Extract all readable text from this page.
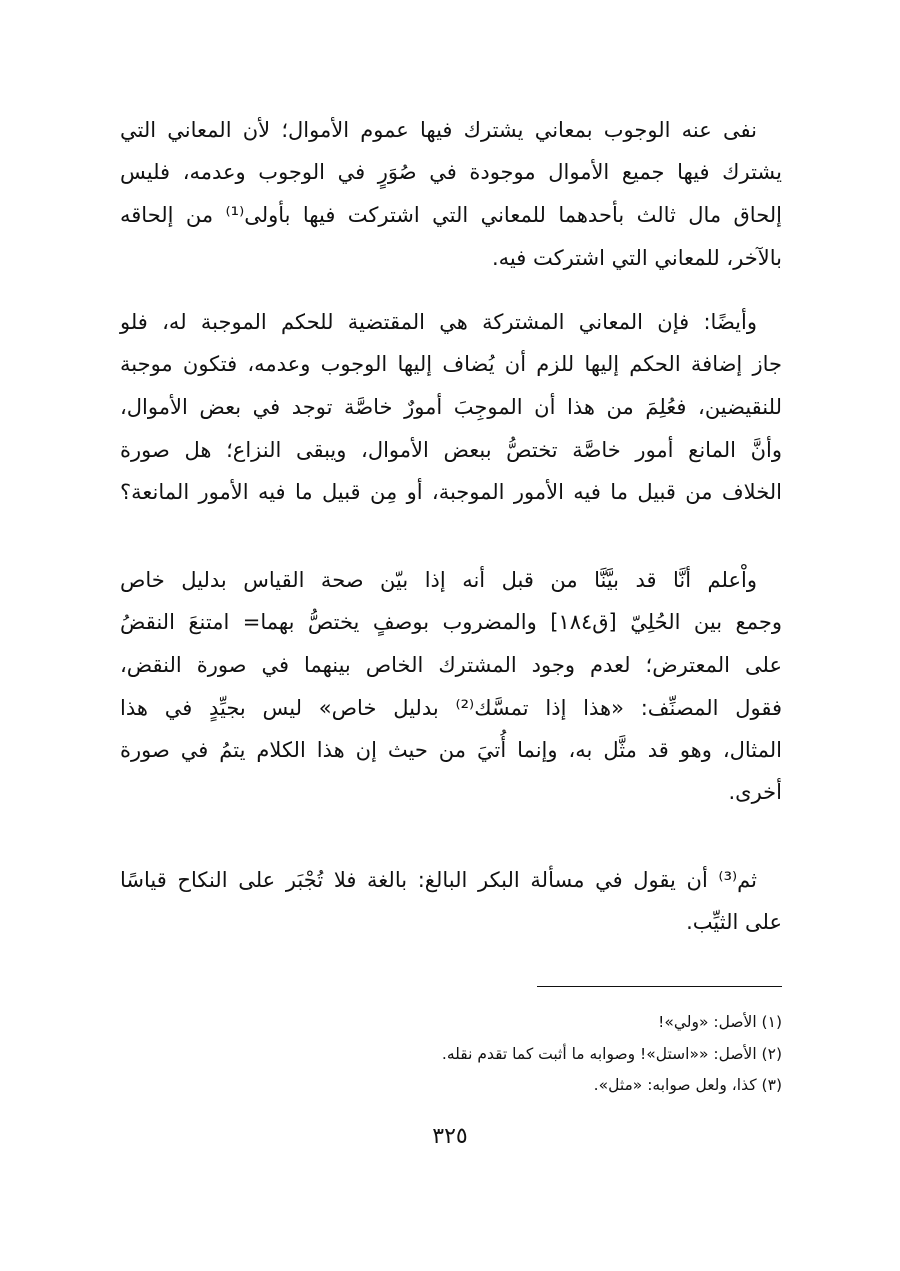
نفى عنه الوجوب بمعاني يشترك فيها عموم الأموال؛ لأن المعاني التي
يشترك فيها جميع الأموال موجودة في صُوَرٍ في الوجوب وعدمه، فليس
إلحاق مال ثالث بأحدهما للمعاني التي اشتركت فيها بأولى⁽¹⁾ من إلحاقه
بالآخر، للمعاني التي اشتركت فيه.
وأيضًا: فإن المعاني المشتركة هي المقتضية للحكم الموجبة له، فلو
جاز إضافة الحكم إليها للزم أن يُضاف إليها الوجوب وعدمه، فتكون موجبة
للنقيضين، فعُلِمَ من هذا أن الموجِبَ أمورٌ خاصَّة توجد في بعض الأموال،
وأنَّ المانع أمور خاصَّة تختصُّ ببعض الأموال، ويبقى النزاع؛ هل صورة
الخلاف من قبيل ما فيه الأمور الموجبة، أو مِن قبيل ما فيه الأمور المانعة؟
واْعلم أنَّا قد بيَّنَّا من قبل أنه إذا بيّن صحة القياس بدليل خاص
وجمع بين الحُلِيّ [ق١٨٤] والمضروب بوصفٍ يختصُّ بهما= امتنعَ النقضُ
على المعترض؛ لعدم وجود المشترك الخاص بينهما في صورة النقض،
فقول المصنِّف: «هذا إذا تمسَّك⁽²⁾ بدليل خاص» ليس بجيِّدٍ في هذا
المثال، وهو قد مثَّل به، وإنما أُتيَ من حيث إن هذا الكلام يتمُ في صورة
أخرى.
ثم⁽³⁾ أن يقول في مسألة البكر البالغ: بالغة فلا تُجْبَر على النكاح قياسًا
على الثيِّب.
(١) الأصل: «ولي»!
(٢) الأصل: ««استل»! وصوابه ما أثبت كما تقدم نقله.
(٣) كذا، ولعل صوابه: «مثل».
٣٢٥
